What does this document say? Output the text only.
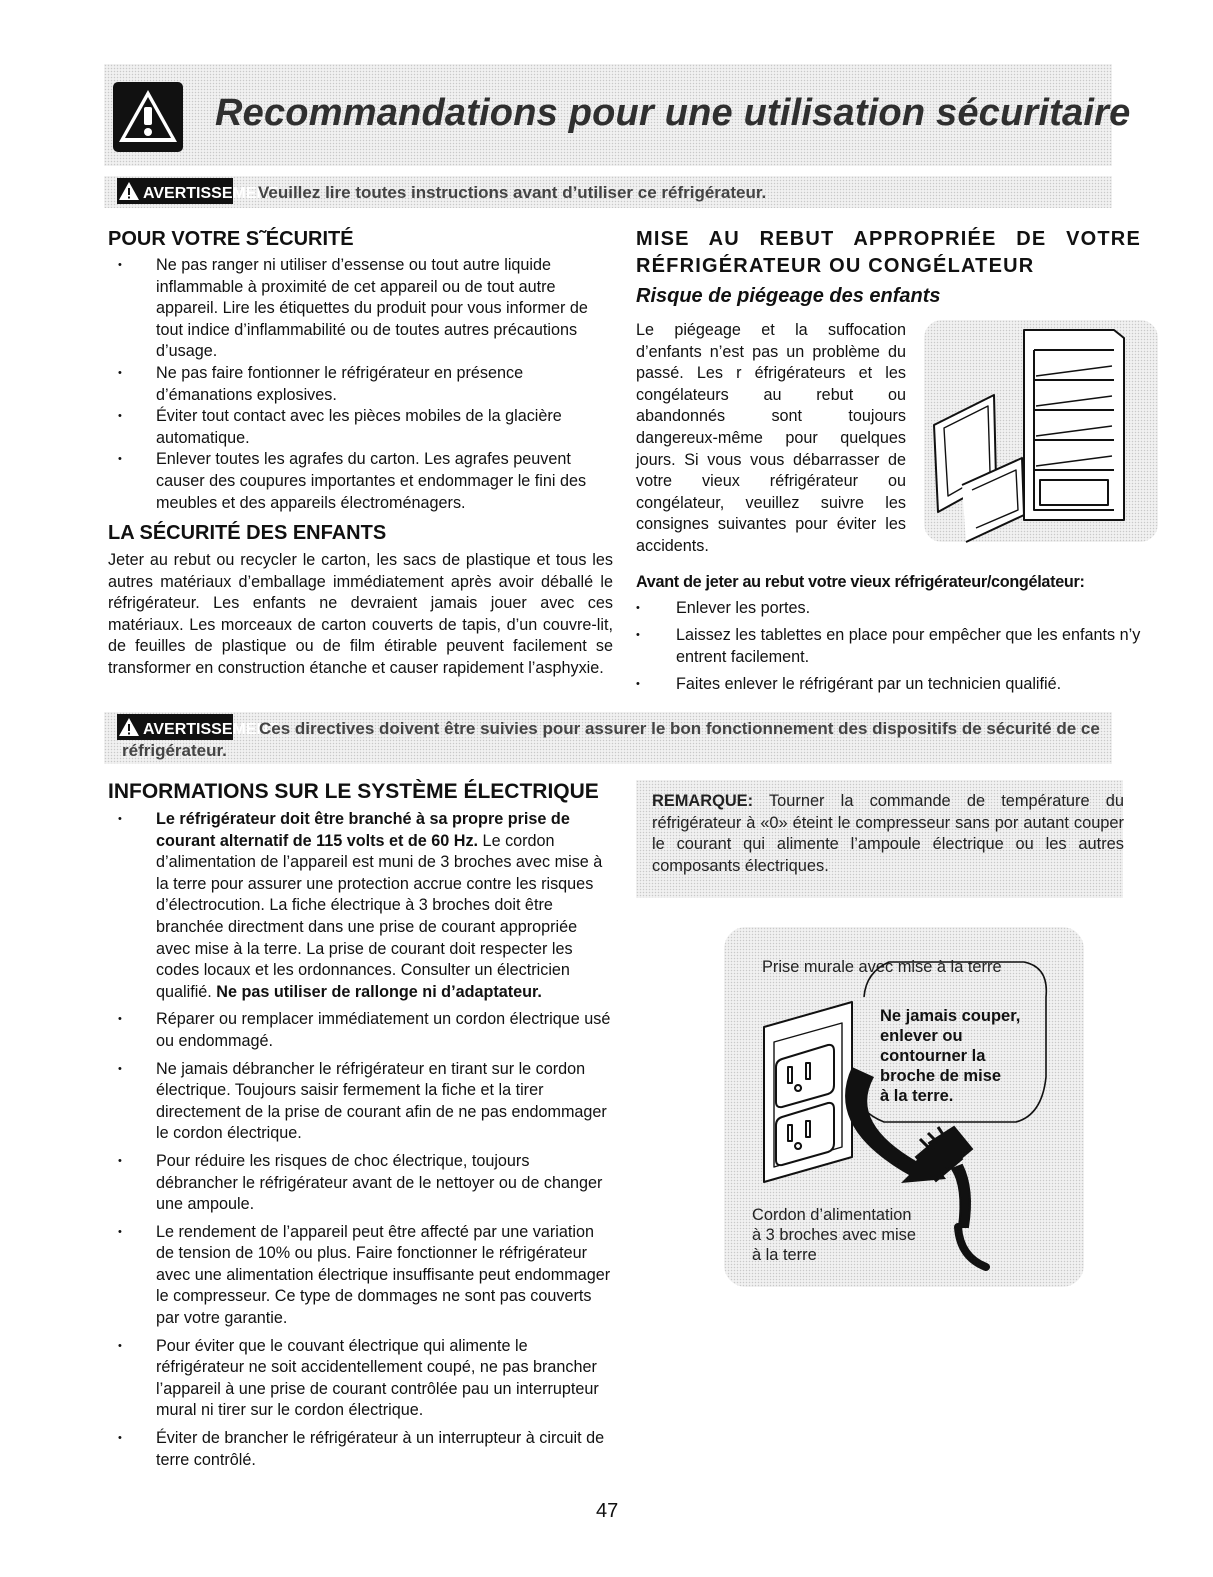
Recommandations pour une utilisation sécuritaire
AVERTISSEMENT
Veuillez lire toutes instructions avant d’utiliser ce réfrigérateur.
POUR VOTRE S˜ÉCURITÉ
• Ne pas ranger ni utiliser d’essense ou tout autre liquide inflammable à proximité de cet appareil ou de tout autre appareil. Lire les étiquettes du produit pour vous informer de tout indice d’inflammabilité ou de toutes autres précautions d’usage.
• Ne pas faire fontionner le réfrigérateur en présence d’émanations explosives.
• Éviter tout contact avec les pièces mobiles de la glacière automatique.
• Enlever toutes les agrafes du carton. Les agrafes peuvent causer des coupures importantes et endommager le fini des meubles et des appareils électroménagers.
LA SÉCURITÉ DES ENFANTS

Jeter au rebut ou recycler le carton, les sacs de plastique et tous les autres matériaux d’emballage immédiatement après avoir déballé le réfrigérateur. Les enfants ne devraient jamais jouer avec ces matériaux. Les morceaux de carton couverts de tapis, d’un couvre-lit, de feuilles de plastique ou de film étirable peuvent facilement se transformer en construction étanche et causer rapidement l’asphyxie.

MISE AU REBUT APPROPRIÉE DE VOTRE
RÉFRIGÉRATEUR OU CONGÉLATEUR
Risque de piégeage des enfants

Le piégeage et la suffocation d’enfants n’est pas un problème du passé. Les r éfrigérateurs et les congélateurs au rebut ou abandonnés sont toujours dangereux-même pour quelques jours. Si vous vous débarrasser de votre vieux réfrigérateur ou congélateur, veuillez suivre les consignes suivantes pour éviter les accidents.

Avant de jeter au rebut votre vieux réfrigérateur/congélateur:
• Enlever les portes.
• Laissez les tablettes en place pour empêcher que les enfants n’y entrent facilement.
• Faites enlever le réfrigérant par un technicien qualifié.
AVERTISSEMENT
Ces directives doivent être suivies pour assurer le bon fonctionnement des dispositifs de sécurité de ce
réfrigérateur.
INFORMATIONS SUR LE SYSTÈME ÉLECTRIQUE
• Le réfrigérateur doit être branché à sa propre prise de courant alternatif de 115 volts et de 60 Hz. Le cordon d’alimentation de l’appareil est muni de 3 broches avec mise à la terre pour assurer une protection accrue contre les risques d’électrocution. La fiche électrique à 3 broches doit être branchée directment dans une prise de courant appropriée avec mise à la terre. La prise de courant doit respecter les codes locaux et les ordonnances. Consulter un électricien qualifié. Ne pas utiliser de rallonge ni d’adaptateur.
• Réparer ou remplacer immédiatement un cordon électrique usé ou endommagé.
• Ne jamais débrancher le réfrigérateur en tirant sur le cordon électrique. Toujours saisir fermement la fiche et la tirer directement de la prise de courant afin de ne pas endommager le cordon électrique.
• Pour réduire les risques de choc électrique, toujours débrancher le réfrigérateur avant de le nettoyer ou de changer une ampoule.
• Le rendement de l’appareil peut être affecté par une variation de tension de 10% ou plus. Faire fonctionner le réfrigérateur avec une alimentation électrique insuffisante peut endommager le compresseur. Ce type de dommages ne sont pas couverts par votre garantie.
• Pour éviter que le couvant électrique qui alimente le réfrigérateur ne soit accidentellement coupé, ne pas brancher l’appareil à une prise de courant contrôlée pau un interrupteur mural ni tirer sur le cordon électrique.
• Éviter de brancher le réfrigérateur à un interrupteur à circuit de terre contrôlé.
REMARQUE: Tourner la commande de température du réfrigérateur à «0» éteint le compresseur sans por autant couper le courant qui alimente l’ampoule électrique ou les autres composants électriques.
Prise murale avec mise à la terre
Ne jamais couper,
enlever ou
contourner la
broche de mise
à la terre.
Cordon d’alimentation
à 3 broches avec mise
à la terre
47
